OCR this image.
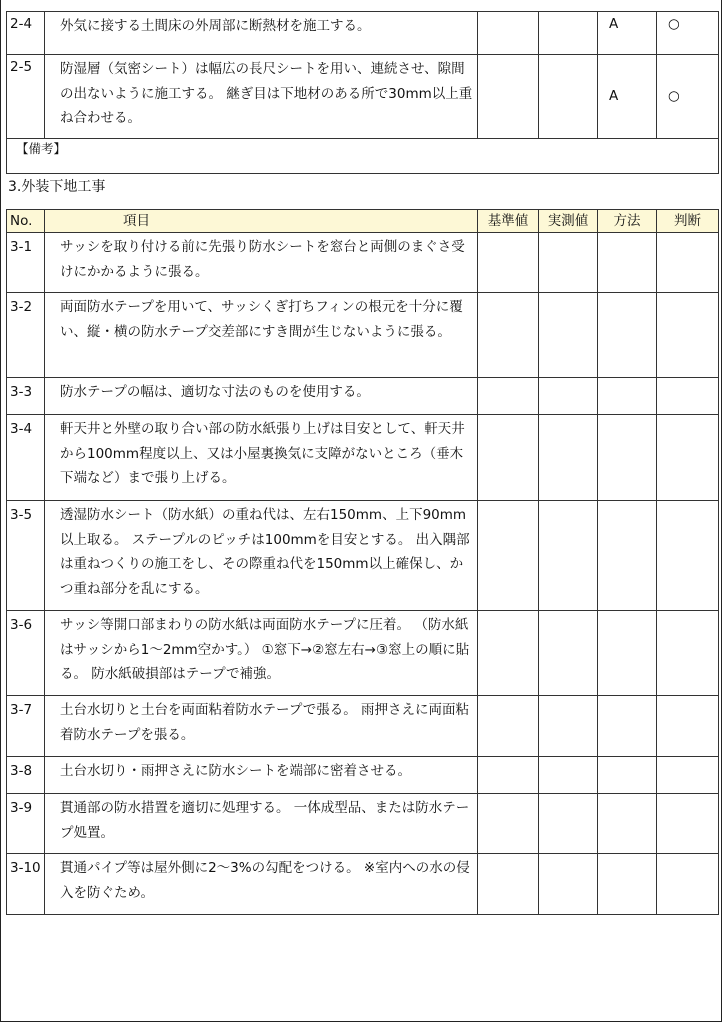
2-4	外気に接する土間床の外周部に断熱材を施工する。			A	○
2-5	防湿層（気密シート）は幅広の長尺シートを用い、連続させ、隙間の出ないように施工する。 継ぎ目は下地材のある所で30mm以上重ね合わせる。			A	○
【備考】					
3.外装下地工事
No.	項目	基準値	実測値	方法	判断
3-1	サッシを取り付ける前に先張り防水シートを窓台と両側のまぐさ受けにかかるように張る。				
3-2	両面防水テープを用いて、サッシくぎ打ちフィンの根元を十分に覆い、縦・横の防水テープ交差部にすき間が生じないように張る。				
3-3	防水テープの幅は、適切な寸法のものを使用する。				
3-4	軒天井と外壁の取り合い部の防水紙張り上げは目安として、軒天井から100mm程度以上、又は小屋裏換気に支障がないところ（垂木下端など）まで張り上げる。				
3-5	透湿防水シート（防水紙）の重ね代は、左右150mm、上下90mm以上取る。 ステープルのピッチは100mmを目安とする。 出入隅部は重ねつくりの施工をし、その際重ね代を150mm以上確保し、かつ重ね部分を乱にする。				
3-6	サッシ等開口部まわりの防水紙は両面防水テープに圧着。 （防水紙はサッシから1～2mm空かす。） ①窓下→②窓左右→③窓上の順に貼る。 防水紙破損部はテープで補強。				
3-7	土台水切りと土台を両面粘着防水テープで張る。 雨押さえに両面粘着防水テープを張る。				
3-8	土台水切り・雨押さえに防水シートを端部に密着させる。				
3-9	貫通部の防水措置を適切に処理する。 一体成型品、または防水テープ処置。				
3-10	貫通パイプ等は屋外側に2～3%の勾配をつける。 ※室内への水の侵入を防ぐため。				
